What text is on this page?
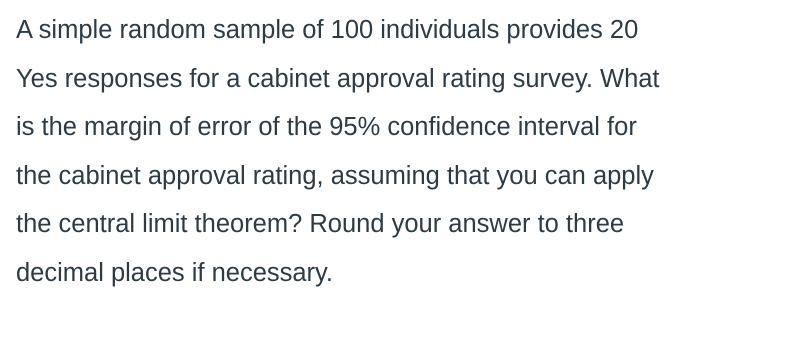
A simple random sample of 100 individuals provides 20
Yes responses for a cabinet approval rating survey. What
is the margin of error of the 95% confidence interval for
the cabinet approval rating, assuming that you can apply
the central limit theorem? Round your answer to three
decimal places if necessary.
